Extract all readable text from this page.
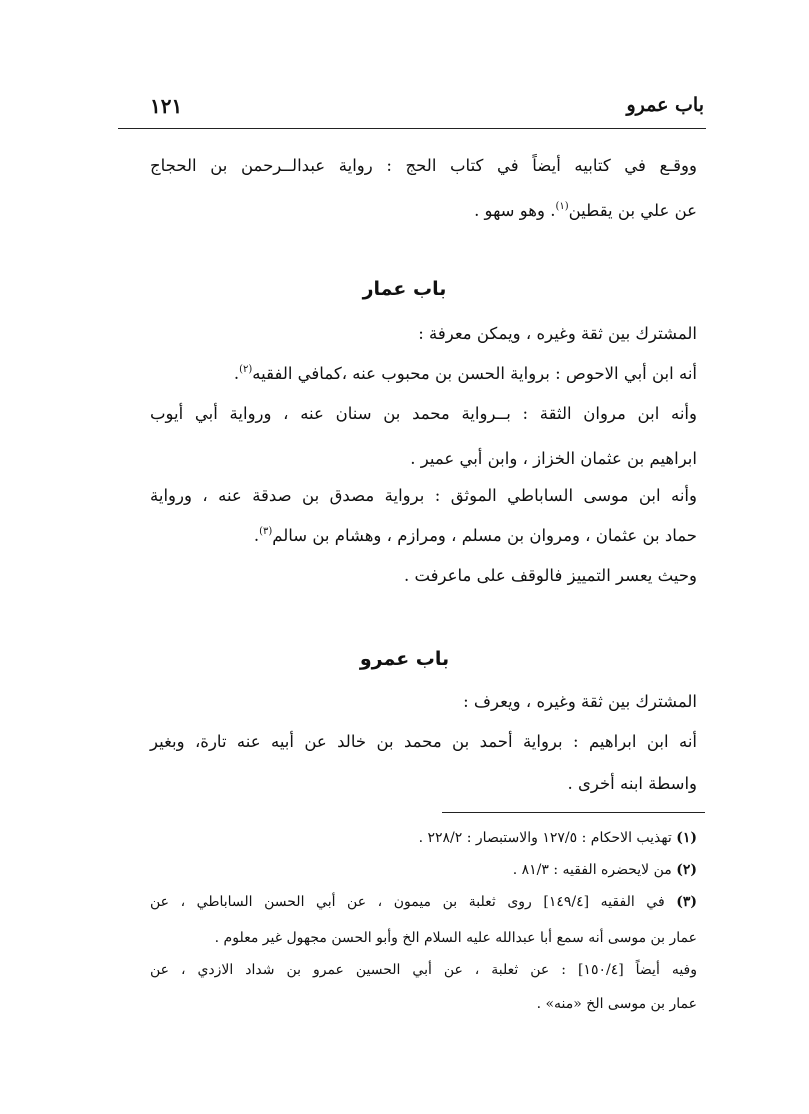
باب عمرو
١٢١
ووقـع في كتابيه أيضاً في كتاب الحج : رواية عبدالــرحمن بن الحجاج
عن علي بن يقطين$^{(١)}$. وهو سهو .
باب عمار
المشترك بين ثقة وغيره ، ويمكن معرفة :
أنه ابن أبي الاحوص : برواية الحسن بن محبوب عنه ،كمافي الفقيه$^{(٢)}$.
وأنه ابن مروان الثقة : بــرواية محمد بن سنان عنه ، ورواية أبي أيوب
ابراهيم بن عثمان الخزاز ، وابن أبي عمير .
وأنه ابن موسى الساباطي الموثق : برواية مصدق بن صدقة عنه ، ورواية
حماد بن عثمان ، ومروان بن مسلم ، ومرازم ، وهشام بن سالم$^{(٣)}$.
وحيث يعسر التمييز فالوقف على ماعرفت .
باب عمرو
المشترك بين ثقة وغيره ، ويعرف :
أنه ابن ابراهيم : برواية أحمد بن محمد بن خالد عن أبيه عنه تارة، وبغير
واسطة ابنه أخرى .
(١) تهذيب الاحكام : ١٢٧/٥ والاستبصار : ٢٢٨/٢ .
(٢) من لايحضره الفقيه : ٨١/٣ .
(٣) في الفقيه [١٤٩/٤] روى ثعلبة بن ميمون ، عن أبي الحسن الساباطي ، عن
عمار بن موسى أنه سمع أبا عبدالله عليه السلام الخ وأبو الحسن مجهول غير معلوم .
وفيه أيضاً [١٥٠/٤] : عن ثعلبة ، عن أبي الحسين عمرو بن شداد الازدي ، عن
عمار بن موسى الخ «منه» .
